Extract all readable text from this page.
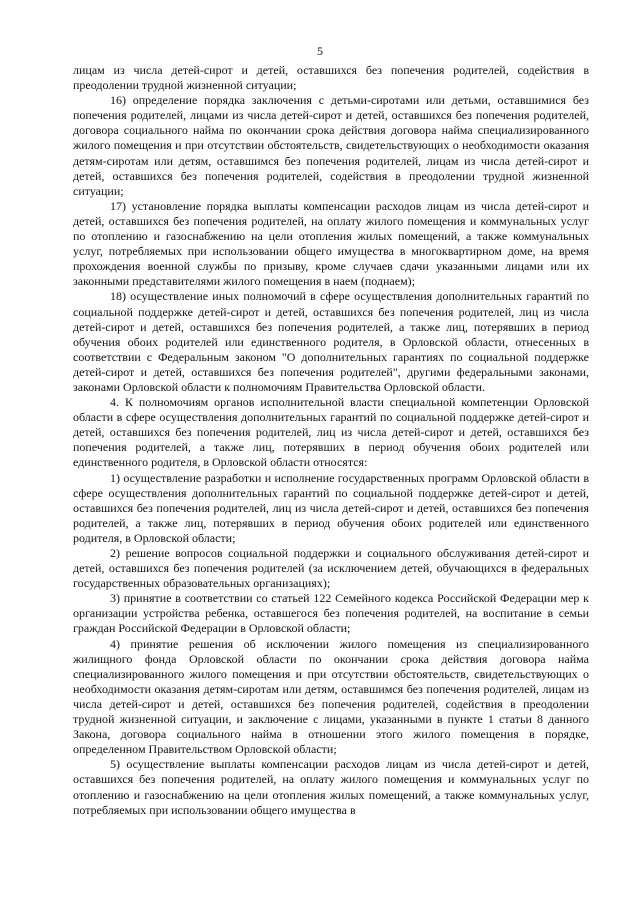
5

лицам из числа детей-сирот и детей, оставшихся без попечения родителей, содействия в преодолении трудной жизненной ситуации;

16) определение порядка заключения с детьми-сиротами или детьми, оставшимися без попечения родителей, лицами из числа детей-сирот и детей, оставшихся без попечения родителей, договора социального найма по окончании срока действия договора найма специализированного жилого помещения и при отсутствии обстоятельств, свидетельствующих о необходимости оказания детям-сиротам или детям, оставшимся без попечения родителей, лицам из числа детей-сирот и детей, оставшихся без попечения родителей, содействия в преодолении трудной жизненной ситуации;

17) установление порядка выплаты компенсации расходов лицам из числа детей-сирот и детей, оставшихся без попечения родителей, на оплату жилого помещения и коммунальных услуг по отоплению и газоснабжению на цели отопления жилых помещений, а также коммунальных услуг, потребляемых при использовании общего имущества в многоквартирном доме, на время прохождения военной службы по призыву, кроме случаев сдачи указанными лицами или их законными представителями жилого помещения в наем (поднаем);

18) осуществление иных полномочий в сфере осуществления дополнительных гарантий по социальной поддержке детей-сирот и детей, оставшихся без попечения родителей, лиц из числа детей-сирот и детей, оставшихся без попечения родителей, а также лиц, потерявших в период обучения обоих родителей или единственного родителя, в Орловской области, отнесенных в соответствии с Федеральным законом "О дополнительных гарантиях по социальной поддержке детей-сирот и детей, оставшихся без попечения родителей", другими федеральными законами, законами Орловской области к полномочиям Правительства Орловской области.

4. К полномочиям органов исполнительной власти специальной компетенции Орловской области в сфере осуществления дополнительных гарантий по социальной поддержке детей-сирот и детей, оставшихся без попечения родителей, лиц из числа детей-сирот и детей, оставшихся без попечения родителей, а также лиц, потерявших в период обучения обоих родителей или единственного родителя, в Орловской области относятся:

1) осуществление разработки и исполнение государственных программ Орловской области в сфере осуществления дополнительных гарантий по социальной поддержке детей-сирот и детей, оставшихся без попечения родителей, лиц из числа детей-сирот и детей, оставшихся без попечения родителей, а также лиц, потерявших в период обучения обоих родителей или единственного родителя, в Орловской области;

2) решение вопросов социальной поддержки и социального обслуживания детей-сирот и детей, оставшихся без попечения родителей (за исключением детей, обучающихся в федеральных государственных образовательных организациях);

3) принятие в соответствии со статьей 122 Семейного кодекса Российской Федерации мер к организации устройства ребенка, оставшегося без попечения родителей, на воспитание в семьи граждан Российской Федерации в Орловской области;

4) принятие решения об исключении жилого помещения из специализированного жилищного фонда Орловской области по окончании срока действия договора найма специализированного жилого помещения и при отсутствии обстоятельств, свидетельствующих о необходимости оказания детям-сиротам или детям, оставшимся без попечения родителей, лицам из числа детей-сирот и детей, оставшихся без попечения родителей, содействия в преодолении трудной жизненной ситуации, и заключение с лицами, указанными в пункте 1 статьи 8 данного Закона, договора социального найма в отношении этого жилого помещения в порядке, определенном Правительством Орловской области;

5) осуществление выплаты компенсации расходов лицам из числа детей-сирот и детей, оставшихся без попечения родителей, на оплату жилого помещения и коммунальных услуг по отоплению и газоснабжению на цели отопления жилых помещений, а также коммунальных услуг, потребляемых при использовании общего имущества в
